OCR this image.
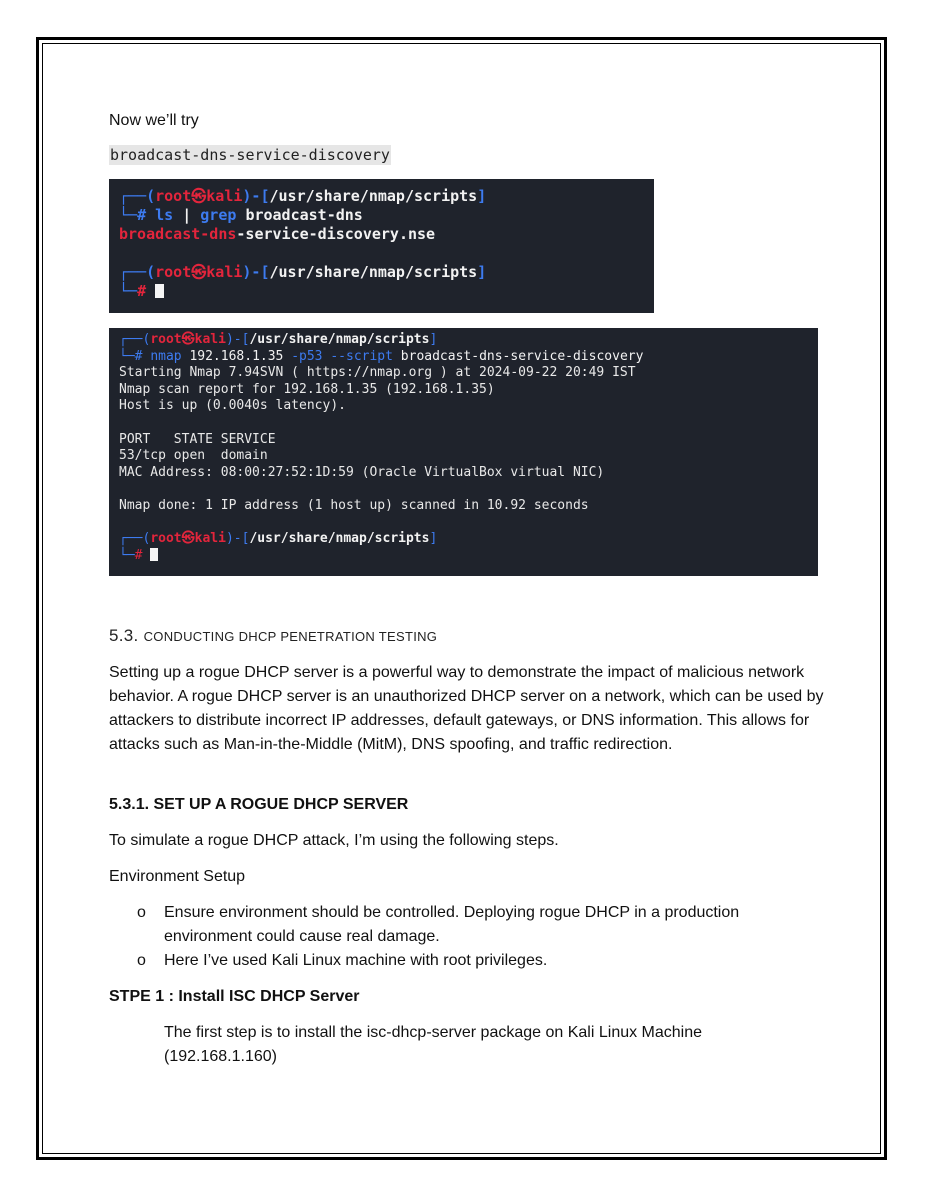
Now we’ll try
broadcast-dns-service-discovery
┌──(root㉿kali)-[/usr/share/nmap/scripts]
└─# ls | grep broadcast-dns
broadcast-dns-service-discovery.nse
┌──(root㉿kali)-[/usr/share/nmap/scripts]
└─#
┌──(root㉿kali)-[/usr/share/nmap/scripts]
└─# nmap 192.168.1.35 -p53 --script broadcast-dns-service-discovery
Starting Nmap 7.94SVN ( https://nmap.org ) at 2024-09-22 20:49 IST
Nmap scan report for 192.168.1.35 (192.168.1.35)
Host is up (0.0040s latency).
PORT   STATE SERVICE
53/tcp open  domain
MAC Address: 08:00:27:52:1D:59 (Oracle VirtualBox virtual NIC)
Nmap done: 1 IP address (1 host up) scanned in 10.92 seconds
┌──(root㉿kali)-[/usr/share/nmap/scripts]
└─#
5.3. CONDUCTING DHCP PENETRATION TESTING
Setting up a rogue DHCP server is a powerful way to demonstrate the impact of malicious network behavior. A rogue DHCP server is an unauthorized DHCP server on a network, which can be used by attackers to distribute incorrect IP addresses, default gateways, or DNS information. This allows for attacks such as Man-in-the-Middle (MitM), DNS spoofing, and traffic redirection.
5.3.1. SET UP A ROGUE DHCP SERVER
To simulate a rogue DHCP attack, I’m using the following steps.
Environment Setup
o Ensure environment should be controlled. Deploying rogue DHCP in a production environment could cause real damage.
o Here I’ve used Kali Linux machine with root privileges.
STPE 1 : Install ISC DHCP Server
The first step is to install the isc-dhcp-server package on Kali Linux Machine (192.168.1.160)
